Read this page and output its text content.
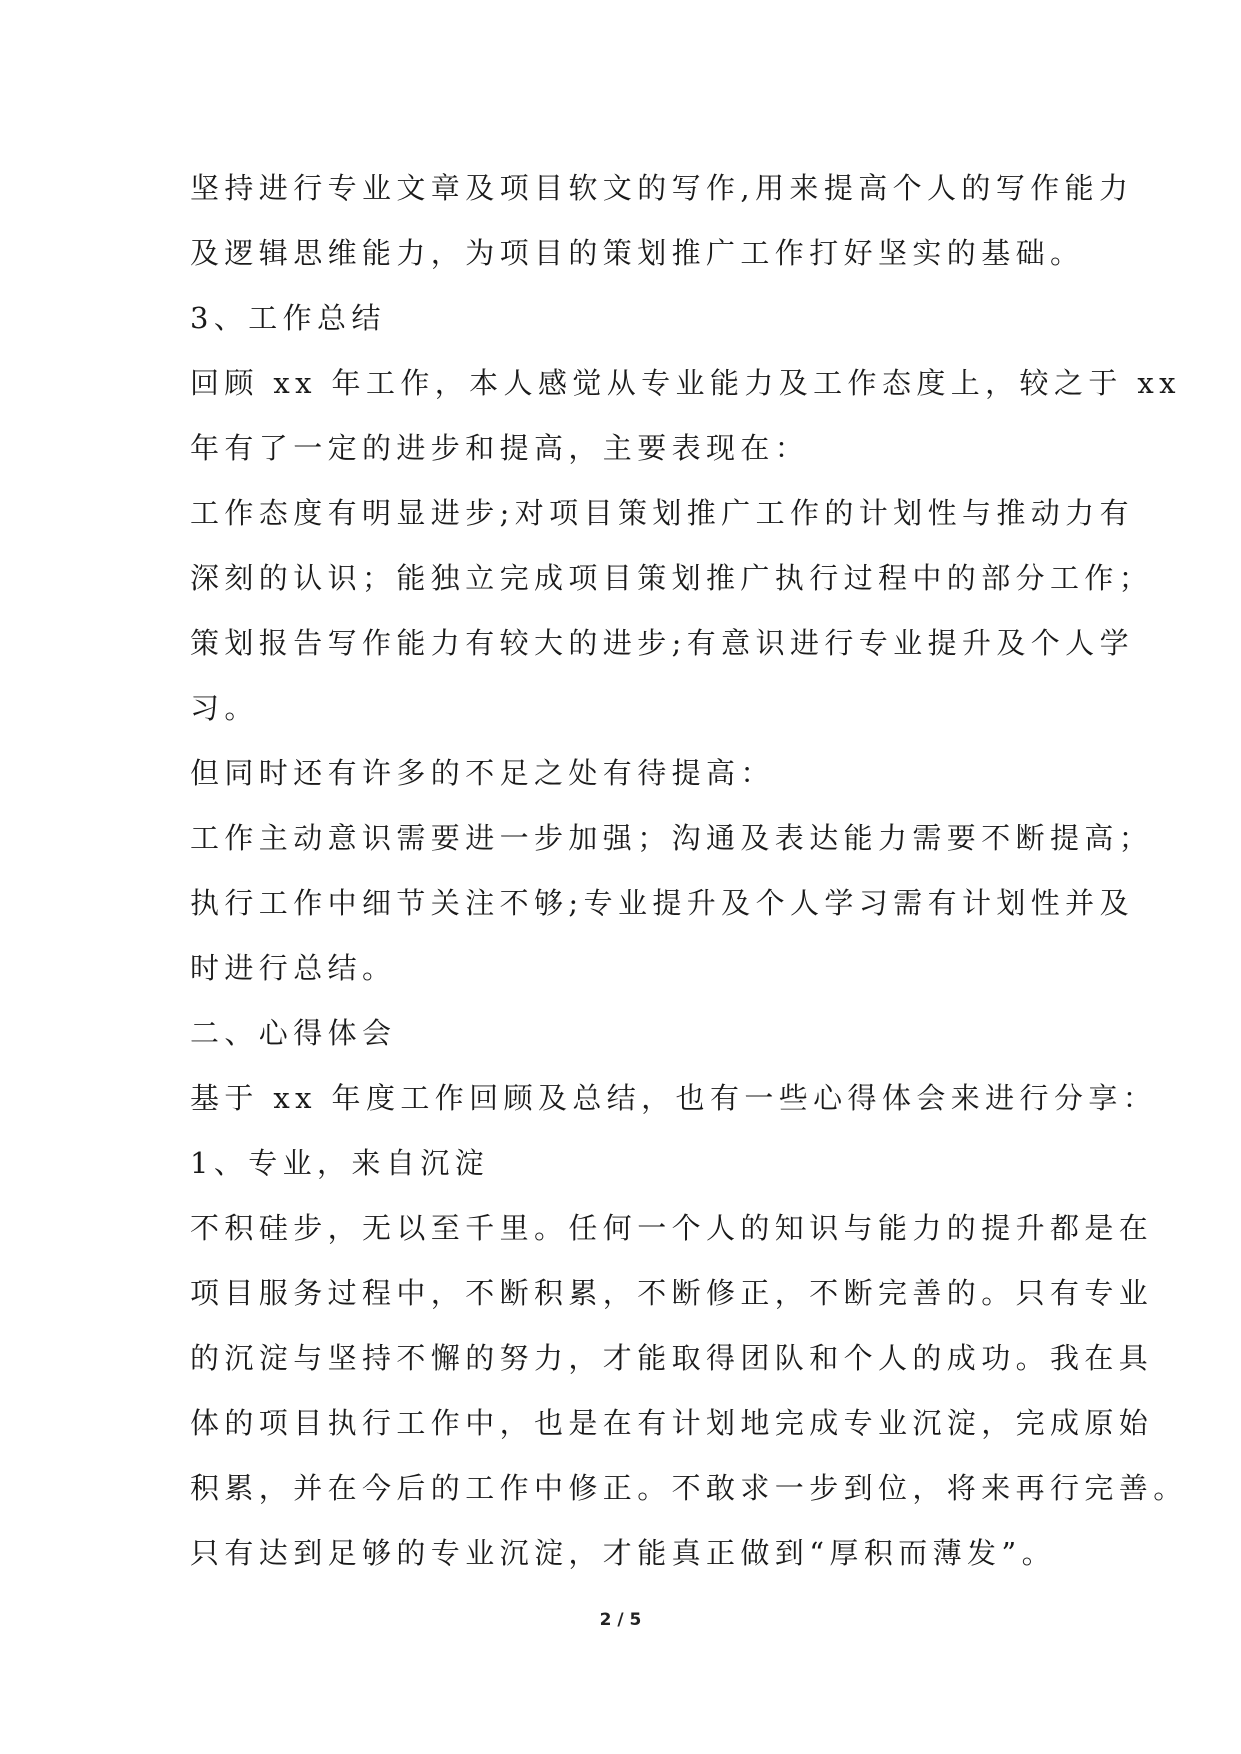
坚持进行专业文章及项目软文的写作,用来提高个人的写作能力
及逻辑思维能力，为项目的策划推广工作打好坚实的基础。
3、工作总结
回顾 xx 年工作，本人感觉从专业能力及工作态度上，较之于 xx
年有了一定的进步和提高，主要表现在：
工作态度有明显进步;对项目策划推广工作的计划性与推动力有
深刻的认识；能独立完成项目策划推广执行过程中的部分工作；
策划报告写作能力有较大的进步;有意识进行专业提升及个人学
习。
但同时还有许多的不足之处有待提高：
工作主动意识需要进一步加强；沟通及表达能力需要不断提高；
执行工作中细节关注不够;专业提升及个人学习需有计划性并及
时进行总结。
二、心得体会
基于 xx 年度工作回顾及总结，也有一些心得体会来进行分享：
1、专业，来自沉淀
不积硅步，无以至千里。任何一个人的知识与能力的提升都是在
项目服务过程中，不断积累，不断修正，不断完善的。只有专业
的沉淀与坚持不懈的努力，才能取得团队和个人的成功。我在具
体的项目执行工作中，也是在有计划地完成专业沉淀，完成原始
积累，并在今后的工作中修正。不敢求一步到位，将来再行完善。
只有达到足够的专业沉淀，才能真正做到“厚积而薄发”。
2 / 5
